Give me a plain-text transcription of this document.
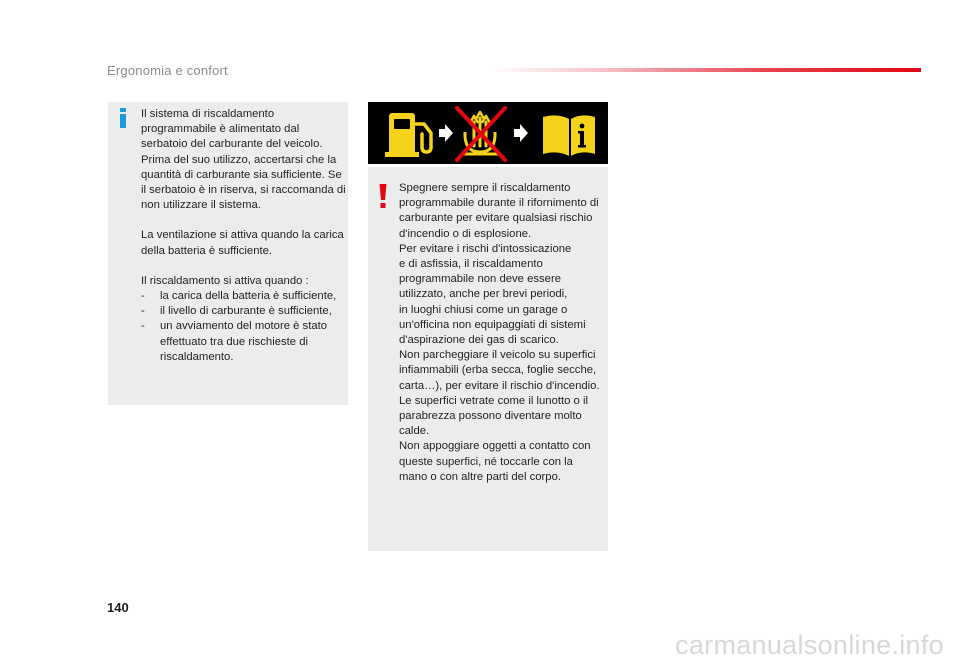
Ergonomia e confort

Il sistema di riscaldamento programmabile è alimentato dal serbatoio del carburante del veicolo. Prima del suo utilizzo, accertarsi che la quantità di carburante sia sufficiente. Se il serbatoio è in riserva, si raccomanda di non utilizzare il sistema.

La ventilazione si attiva quando la carica della batteria è sufficiente.

Il riscaldamento si attiva quando :

- la carica della batteria è sufficiente,
- il livello di carburante è sufficiente,
- un avviamento del motore è stato effettuato tra due rischieste di riscaldamento.
Spegnere sempre il riscaldamento
programmabile durante il rifornimento di
carburante per evitare qualsiasi rischio
d'incendio o di esplosione.
Per evitare i rischi d'intossicazione
e di asfissia, il riscaldamento
programmabile non deve essere
utilizzato, anche per brevi periodi,
in luoghi chiusi come un garage o
un'officina non equipaggiati di sistemi
d'aspirazione dei gas di scarico.
Non parcheggiare il veicolo su superfici
infiammabili (erba secca, foglie secche,
carta…), per evitare il rischio d'incendio.
Le superfici vetrate come il lunotto o il
parabrezza possono diventare molto
calde.
Non appoggiare oggetti a contatto con
queste superfici, né toccarle con la
mano o con altre parti del corpo.
140
carmanualsonline.info
